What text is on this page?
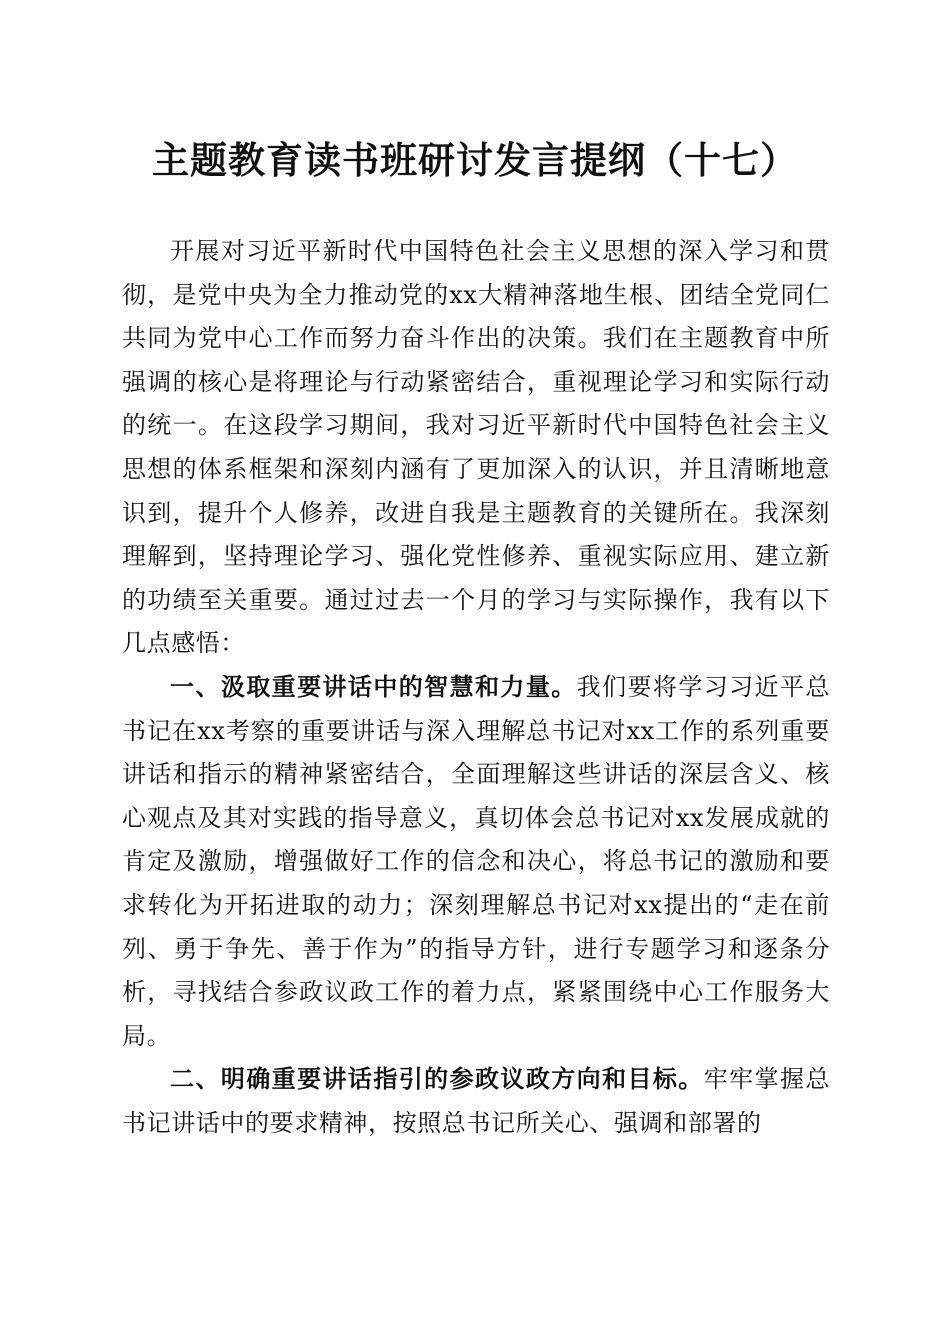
主题教育读书班研讨发言提纲（十七）

开展对习近平新时代中国特色社会主义思想的深入学习和贯彻，是党中央为全力推动党的xx大精神落地生根、团结全党同仁共同为党中心工作而努力奋斗作出的决策。我们在主题教育中所强调的核心是将理论与行动紧密结合，重视理论学习和实际行动的统一。在这段学习期间，我对习近平新时代中国特色社会主义思想的体系框架和深刻内涵有了更加深入的认识，并且清晰地意识到，提升个人修养，改进自我是主题教育的关键所在。我深刻理解到，坚持理论学习、强化党性修养、重视实际应用、建立新的功绩至关重要。通过过去一个月的学习与实际操作，我有以下几点感悟：

一、汲取重要讲话中的智慧和力量。我们要将学习习近平总书记在xx考察的重要讲话与深入理解总书记对xx工作的系列重要讲话和指示的精神紧密结合，全面理解这些讲话的深层含义、核心观点及其对实践的指导意义，真切体会总书记对xx发展成就的肯定及激励，增强做好工作的信念和决心，将总书记的激励和要求转化为开拓进取的动力；深刻理解总书记对xx提出的“走在前列、勇于争先、善于作为”的指导方针，进行专题学习和逐条分析，寻找结合参政议政工作的着力点，紧紧围绕中心工作服务大局。

二、明确重要讲话指引的参政议政方向和目标。牢牢掌握总书记讲话中的要求精神，按照总书记所关心、强调和部署的
